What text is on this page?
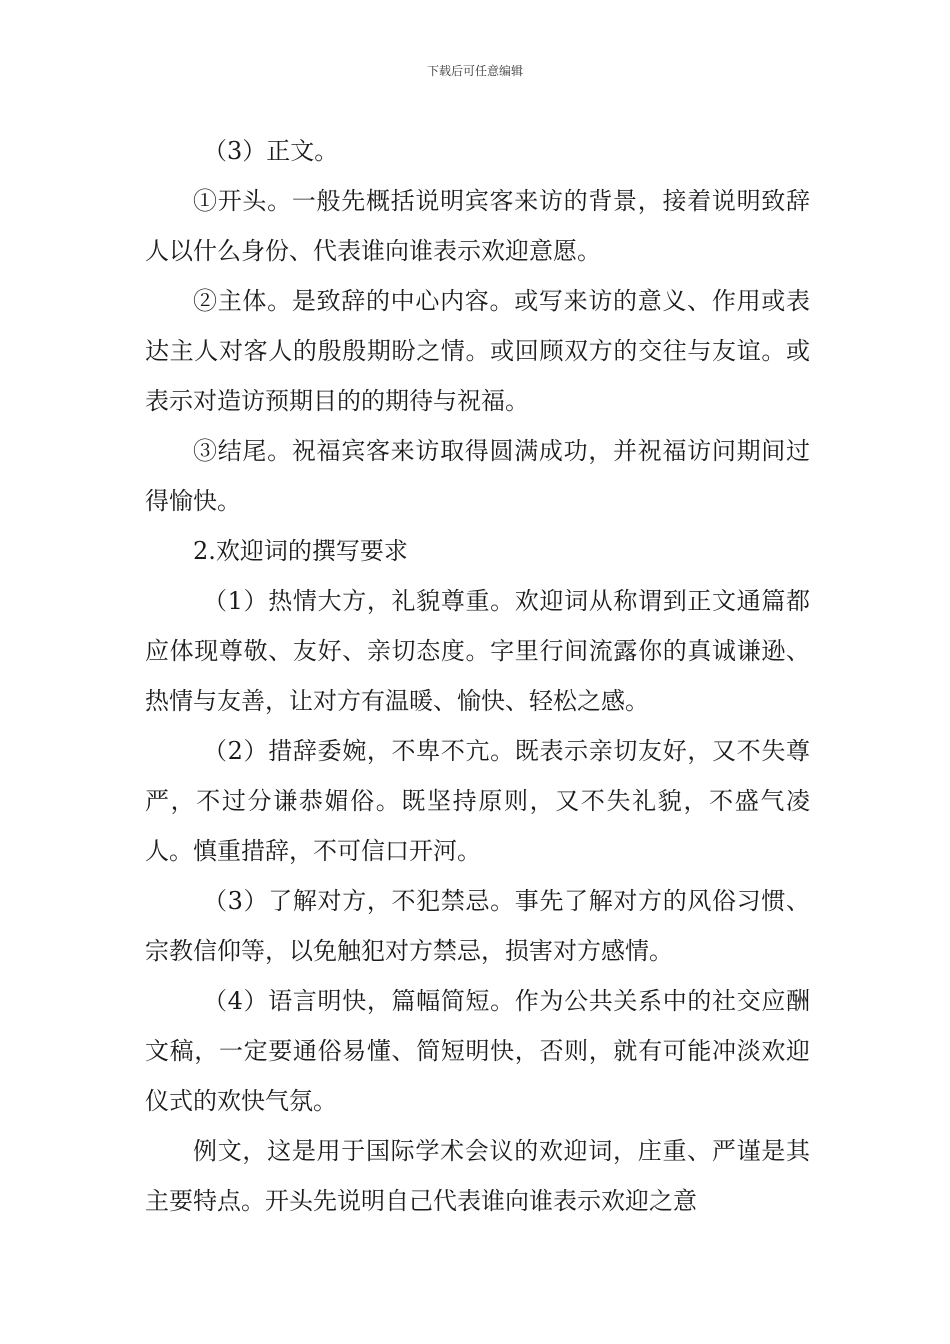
下载后可任意编辑

（3）正文。

①开头。一般先概括说明宾客来访的背景，接着说明致辞人以什么身份、代表谁向谁表示欢迎意愿。

②主体。是致辞的中心内容。或写来访的意义、作用或表达主人对客人的殷殷期盼之情。或回顾双方的交往与友谊。或表示对造访预期目的的期待与祝福。

③结尾。祝福宾客来访取得圆满成功，并祝福访问期间过得愉快。

2.欢迎词的撰写要求

（1）热情大方，礼貌尊重。欢迎词从称谓到正文通篇都应体现尊敬、友好、亲切态度。字里行间流露你的真诚谦逊、热情与友善，让对方有温暖、愉快、轻松之感。

（2）措辞委婉，不卑不亢。既表示亲切友好，又不失尊严，不过分谦恭媚俗。既坚持原则，又不失礼貌，不盛气凌人。慎重措辞，不可信口开河。

（3）了解对方，不犯禁忌。事先了解对方的风俗习惯、宗教信仰等，以免触犯对方禁忌，损害对方感情。

（4）语言明快，篇幅简短。作为公共关系中的社交应酬文稿，一定要通俗易懂、简短明快，否则，就有可能冲淡欢迎仪式的欢快气氛。

例文，这是用于国际学术会议的欢迎词，庄重、严谨是其主要特点。开头先说明自己代表谁向谁表示欢迎之意
